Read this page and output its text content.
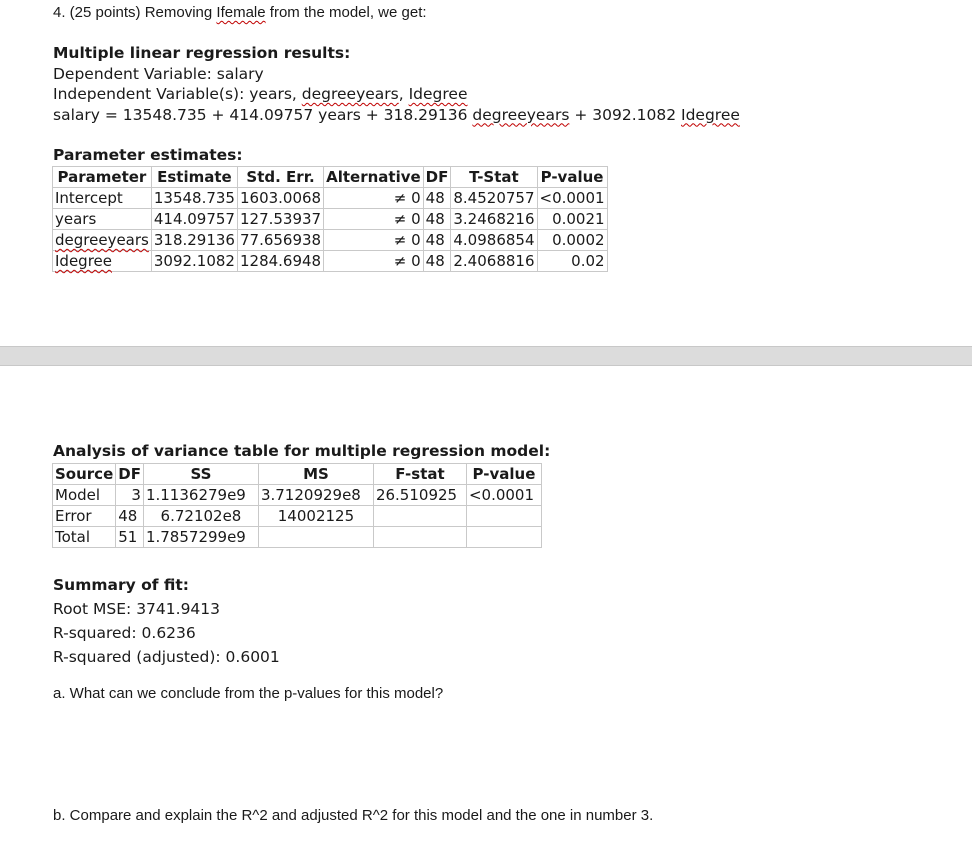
4. (25 points) Removing Ifemale from the model, we get:
Multiple linear regression results:
Dependent Variable: salary
Independent Variable(s): years, degreeyears, Idegree
salary = 13548.735 + 414.09757 years + 318.29136 degreeyears + 3092.1082 Idegree
Parameter estimates:
Parameter	Estimate	Std. Err.	Alternative	DF	T-Stat	P-value
Intercept	13548.735	1603.0068	≠ 0	48	8.4520757	<0.0001
years	414.09757	127.53937	≠ 0	48	3.2468216	0.0021
degreeyears	318.29136	77.656938	≠ 0	48	4.0986854	0.0002
Idegree	3092.1082	1284.6948	≠ 0	48	2.4068816	0.02
Analysis of variance table for multiple regression model:
Source	DF	SS	MS	F-stat	P-value
Model	3	1.1136279e9	3.7120929e8	26.510925	<0.0001
Error	48	6.72102e8	14002125		
Total	51	1.7857299e9			
Summary of fit:
Root MSE: 3741.9413
R-squared: 0.6236
R-squared (adjusted): 0.6001
a. What can we conclude from the p-values for this model?
b. Compare and explain the R^2 and adjusted R^2 for this model and the one in number 3.
